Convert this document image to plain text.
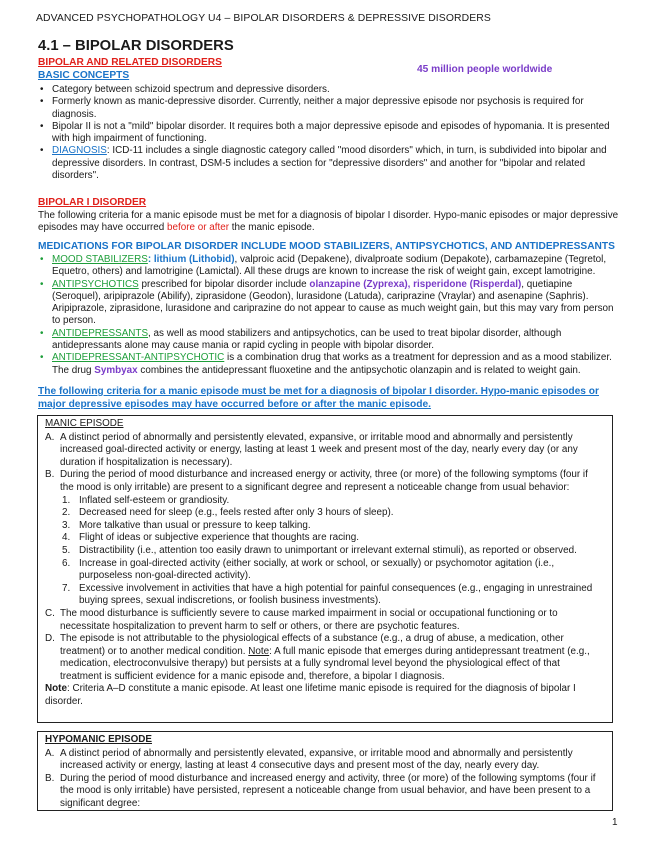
ADVANCED PSYCHOPATHOLOGY U4 – BIPOLAR DISORDERS & DEPRESSIVE DISORDERS
4.1 – BIPOLAR DISORDERS
BIPOLAR AND RELATED DISORDERS
BASIC CONCEPTS
45 million people worldwide
• Category between schizoid spectrum and depressive disorders.
• Formerly known as manic-depressive disorder. Currently, neither a major depressive episode nor psychosis is required for diagnosis.
• Bipolar II is not a "mild" bipolar disorder. It requires both a major depressive episode and episodes of hypomania. It is presented with high impairment of functioning.
• DIAGNOSIS: ICD-11 includes a single diagnostic category called "mood disorders" which, in turn, is subdivided into bipolar and depressive disorders. In contrast, DSM-5 includes a section for "depressive disorders" and another for "bipolar and related disorders".
BIPOLAR I DISORDER
The following criteria for a manic episode must be met for a diagnosis of bipolar I disorder. Hypo-manic episodes or major depressive episodes may have occurred before or after the manic episode.
MEDICATIONS FOR BIPOLAR DISORDER INCLUDE MOOD STABILIZERS, ANTIPSYCHOTICS, AND ANTIDEPRESSANTS
• MOOD STABILIZERS: lithium (Lithobid), valproic acid (Depakene), divalproate sodium (Depakote), carbamazepine (Tegretol, Equetro, others) and lamotrigine (Lamictal). All these drugs are known to increase the risk of weight gain, except lamotrigine.
• ANTIPSYCHOTICS prescribed for bipolar disorder include olanzapine (Zyprexa), risperidone (Risperdal), quetiapine (Seroquel), aripiprazole (Abilify), ziprasidone (Geodon), lurasidone (Latuda), cariprazine (Vraylar) and asenapine (Saphris). Aripiprazole, ziprasidone, lurasidone and cariprazine do not appear to cause as much weight gain, but this may vary from person to person.
• ANTIDEPRESSANTS, as well as mood stabilizers and antipsychotics, can be used to treat bipolar disorder, although antidepressants alone may cause mania or rapid cycling in people with bipolar disorder.
• ANTIDEPRESSANT-ANTIPSYCHOTIC is a combination drug that works as a treatment for depression and as a mood stabilizer. The drug Symbyax combines the antidepressant fluoxetine and the antipsychotic olanzapin and is related to weight gain.
The following criteria for a manic episode must be met for a diagnosis of bipolar I disorder. Hypo-manic episodes or major depressive episodes may have occurred before or after the manic episode.
MANIC EPISODE
A. A distinct period of abnormally and persistently elevated, expansive, or irritable mood and abnormally and persistently increased goal-directed activity or energy, lasting at least 1 week and present most of the day, nearly every day (or any duration if hospitalization is necessary).
B. During the period of mood disturbance and increased energy or activity, three (or more) of the following symptoms (four if the mood is only irritable) are present to a significant degree and represent a noticeable change from usual behavior:
1. Inflated self-esteem or grandiosity.
2. Decreased need for sleep (e.g., feels rested after only 3 hours of sleep).
3. More talkative than usual or pressure to keep talking.
4. Flight of ideas or subjective experience that thoughts are racing.
5. Distractibility (i.e., attention too easily drawn to unimportant or irrelevant external stimuli), as reported or observed.
6. Increase in goal-directed activity (either socially, at work or school, or sexually) or psychomotor agitation (i.e., purposeless non-goal-directed activity).
7. Excessive involvement in activities that have a high potential for painful consequences (e.g., engaging in unrestrained buying sprees, sexual indiscretions, or foolish business investments).
C. The mood disturbance is sufficiently severe to cause marked impairment in social or occupational functioning or to necessitate hospitalization to prevent harm to self or others, or there are psychotic features.
D. The episode is not attributable to the physiological effects of a substance (e.g., a drug of abuse, a medication, other treatment) or to another medical condition. Note: A full manic episode that emerges during antidepressant treatment (e.g., medication, electroconvulsive therapy) but persists at a fully syndromal level beyond the physiological effect of that treatment is sufficient evidence for a manic episode and, therefore, a bipolar I diagnosis.
Note: Criteria A–D constitute a manic episode. At least one lifetime manic episode is required for the diagnosis of bipolar I disorder.
HYPOMANIC EPISODE
A. A distinct period of abnormally and persistently elevated, expansive, or irritable mood and abnormally and persistently increased activity or energy, lasting at least 4 consecutive days and present most of the day, nearly every day.
B. During the period of mood disturbance and increased energy and activity, three (or more) of the following symptoms (four if the mood is only irritable) have persisted, represent a noticeable change from usual behavior, and have been present to a significant degree:
1
